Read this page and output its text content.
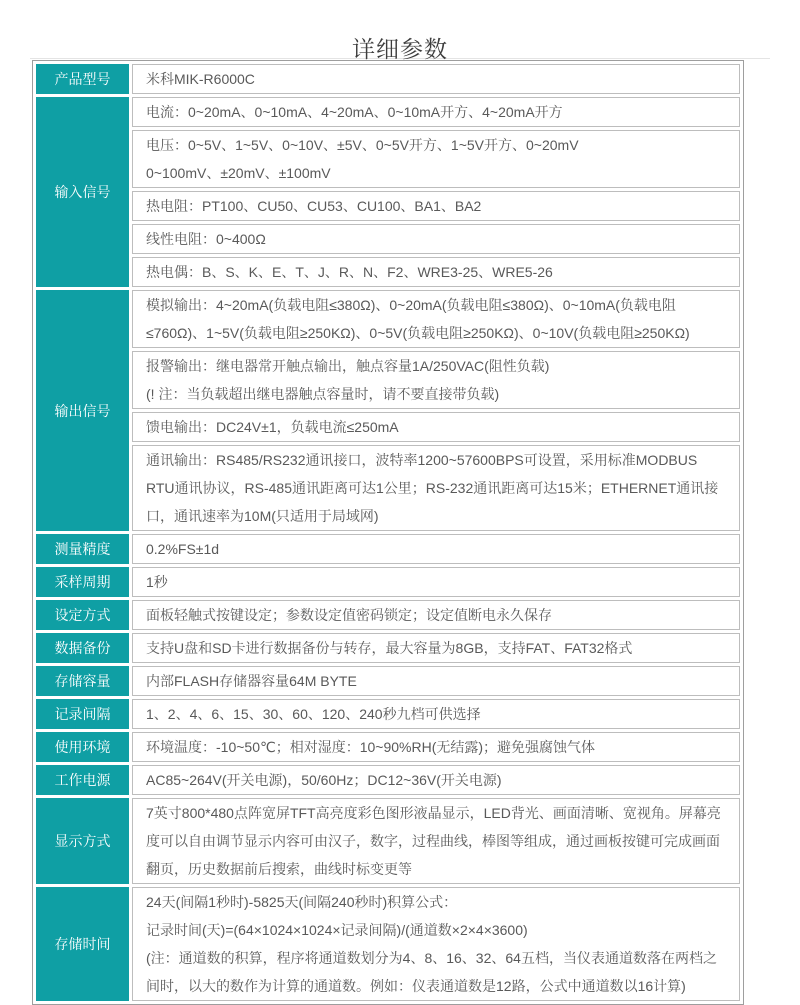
详细参数
产品型号	米科MIK-R6000C

输入信号	电流：0~20mA、0~10mA、4~20mA、0~10mA开方、4~20mA开方

	电压：0~5V、1~5V、0~10V、±5V、0~5V开方、1~5V开方、0~20mV
0~100mV、±20mV、±100mV

	热电阻：PT100、CU50、CU53、CU100、BA1、BA2

	线性电阻：0~400Ω

	热电偶：B、S、K、E、T、J、R、N、F2、WRE3-25、WRE5-26

输出信号	模拟输出：4~20mA(负载电阻≤380Ω)、0~20mA(负载电阻≤380Ω)、0~10mA(负载电阻≤760Ω)、1~5V(负载电阻≥250KΩ)、0~5V(负载电阻≥250KΩ)、0~10V(负载电阻≥250KΩ)

	报警输出：继电器常开触点输出，触点容量1A/250VAC(阻性负载)
(! 注：当负载超出继电器触点容量时，请不要直接带负载)

	馈电输出：DC24V±1，负载电流≤250mA

	通讯输出：RS485/RS232通讯接口，波特率1200~57600BPS可设置，采用标准MODBUS RTU通讯协议，RS-485通讯距离可达1公里；RS-232通讯距离可达15米；ETHERNET通讯接口，通讯速率为10M(只适用于局域网)

测量精度	0.2%FS±1d

采样周期	1秒

设定方式	面板轻触式按键设定；参数设定值密码锁定；设定值断电永久保存

数据备份	支持U盘和SD卡进行数据备份与转存，最大容量为8GB，支持FAT、FAT32格式

存储容量	内部FLASH存储器容量64M BYTE

记录间隔	1、2、4、6、15、30、60、120、240秒九档可供选择

使用环境	环境温度：-10~50℃；相对湿度：10~90%RH(无结露)；避免强腐蚀气体

工作电源	AC85~264V(开关电源)，50/60Hz；DC12~36V(开关电源)

显示方式	7英寸800*480点阵宽屏TFT高亮度彩色图形液晶显示，LED背光、画面清晰、宽视角。屏幕亮度可以自由调节显示内容可由汉子，数字，过程曲线，棒图等组成，通过画板按键可完成画面翻页，历史数据前后搜索，曲线时标变更等

存储时间	24天(间隔1秒时)-5825天(间隔240秒时)积算公式：
记录时间(天)=(64×1024×1024×记录间隔)/(通道数×2×4×3600)
(注：通道数的积算，程序将通道数划分为4、8、16、32、64五档，当仪表通道数落在两档之间时，以大的数作为计算的通道数。例如：仪表通道数是12路，公式中通道数以16计算)
